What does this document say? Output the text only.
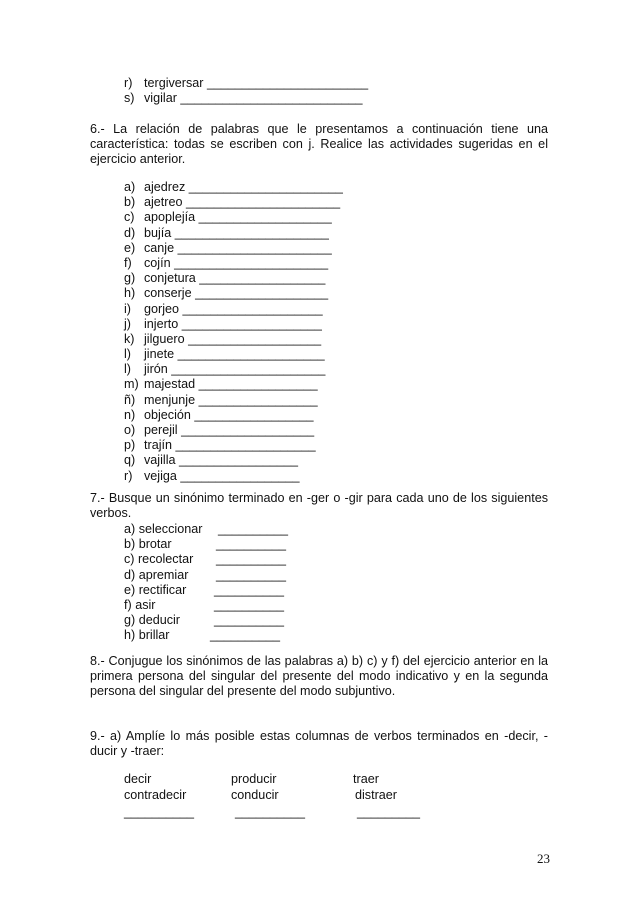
r) tergiversar _______________________
s) vigilar __________________________
6.- La relación de palabras que le presentamos a continuación tiene una característica: todas se escriben con j. Realice las actividades sugeridas en el ejercicio anterior.
a) ajedrez ______________________
b) ajetreo ______________________
c) apoplejía ___________________
d) bujía ______________________
e) canje ______________________
f) cojín ______________________
g) conjetura __________________
h) conserje ___________________
i) gorjeo ____________________
j) injerto ____________________
k) jilguero ___________________
l) jinete _____________________
l) jirón ______________________
m) majestad _________________
ñ) menjunje _________________
n) objeción _________________
o) perejil ___________________
p) trajín ____________________
q) vajilla _________________
r) vejiga _________________
7.- Busque un sinónimo terminado en -ger o -gir para cada uno de los siguientes verbos.
a) seleccionar __________
b) brotar	__________
c) recolectar __________
d) apremiar __________
e) rectificar __________
f) asir	__________
g) deducir	__________
h) brillar	__________
8.- Conjugue los sinónimos de las palabras a) b) c) y f) del ejercicio anterior en la primera persona del singular del presente del modo indicativo y en la segunda persona del singular del presente del modo subjuntivo.
9.- a) Amplíe lo más posible estas columnas de verbos terminados en -decir, -ducir y -traer:
decir	producir	traer
contradecir	conducir	distraer
__________	__________	_________
23
